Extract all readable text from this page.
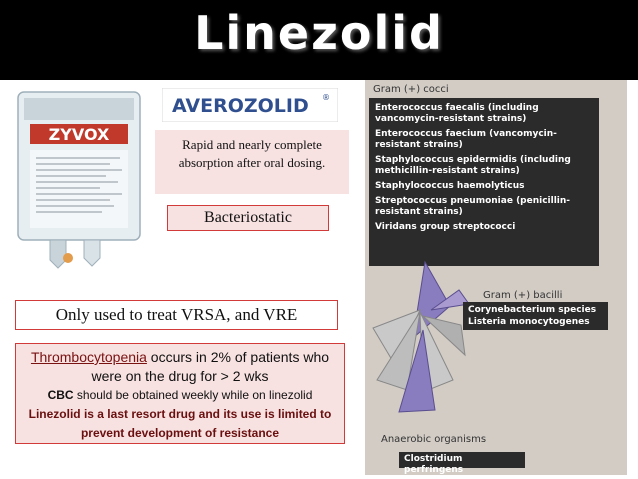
Linezolid
ZYVOX
AVEROZOLID ®
Rapid and nearly complete absorption after oral dosing.
Bacteriostatic
Only used to treat VRSA, and VRE
Thrombocytopenia occurs in 2% of patients who were on the drug for > 2 wks
CBC should be obtained weekly while on linezolid
Linezolid is a last resort drug and its use is limited to prevent development of resistance
Gram (+) cocci
Enterococcus faecalis (including vancomycin-resistant strains)
Enterococcus faecium (vancomycin-resistant strains)
Staphylococcus epidermidis (including methicillin-resistant strains)
Staphylococcus haemolyticus
Streptococcus pneumoniae (penicillin-resistant strains)
Viridans group streptococci
Gram (+) bacilli
Corynebacterium species
Listeria monocytogenes
Anaerobic organisms
Clostridium perfringens
